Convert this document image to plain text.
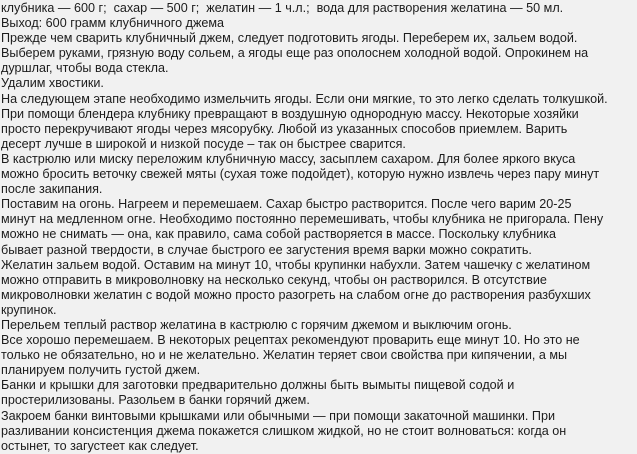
клубника — 600 г;  сахар — 500 г;  желатин — 1 ч.л.;  вода для растворения желатина — 50 мл.
Выход: 600 грамм клубничного джема
Прежде чем сварить клубничный джем, следует подготовить ягоды. Переберем их, зальем водой.
Выберем руками, грязную воду сольем, а ягоды еще раз ополоснем холодной водой. Опрокинем на
дуршлаг, чтобы вода стекла.
Удалим хвостики.
На следующем этапе необходимо измельчить ягоды. Если они мягкие, то это легко сделать толкушкой.
При помощи блендера клубнику превращают в воздушную однородную массу. Некоторые хозяйки
просто перекручивают ягоды через мясорубку. Любой из указанных способов приемлем. Варить
десерт лучше в широкой и низкой посуде – так он быстрее сварится.
В кастрюлю или миску переложим клубничную массу, засыплем сахаром. Для более яркого вкуса
можно бросить веточку свежей мяты (сухая тоже подойдет), которую нужно извлечь через пару минут
после закипания.
Поставим на огонь. Нагреем и перемешаем. Сахар быстро растворится. После чего варим 20-25
минут на медленном огне. Необходимо постоянно перемешивать, чтобы клубника не пригорала. Пену
можно не снимать — она, как правило, сама собой растворяется в массе. Поскольку клубника
бывает разной твердости, в случае быстрого ее загустения время варки можно сократить.
Желатин зальем водой. Оставим на минут 10, чтобы крупинки набухли. Затем чашечку с желатином
можно отправить в микроволновку на несколько секунд, чтобы он растворился. В отсутствие
микроволновки желатин с водой можно просто разогреть на слабом огне до растворения разбухших
крупинок.
Перельем теплый раствор желатина в кастрюлю с горячим джемом и выключим огонь.
Все хорошо перемешаем. В некоторых рецептах рекомендуют проварить еще минут 10. Но это не
только не обязательно, но и не желательно. Желатин теряет свои свойства при кипячении, а мы
планируем получить густой джем.
Банки и крышки для заготовки предварительно должны быть вымыты пищевой содой и
простерилизованы. Разольем в банки горячий джем.
Закроем банки винтовыми крышками или обычными — при помощи закаточной машинки. При
разливании консистенция джема покажется слишком жидкой, но не стоит волноваться: когда он
остынет, то загустеет как следует.
